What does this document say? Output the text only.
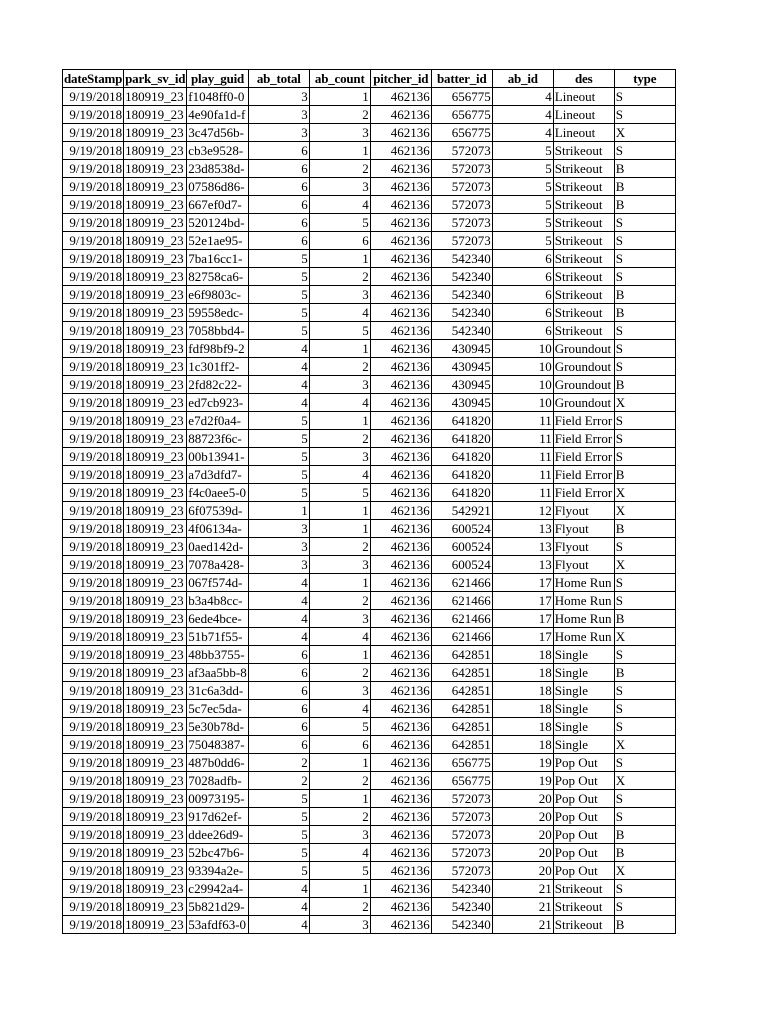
dateStamp	park_sv_id	play_guid	ab_total	ab_count	pitcher_id	batter_id	ab_id	des	type
9/19/2018	180919_23	f1048ff0-0	3	1	462136	656775	4	Lineout	S
9/19/2018	180919_23	4e90fa1d-f	3	2	462136	656775	4	Lineout	S
9/19/2018	180919_23	3c47d56b-	3	3	462136	656775	4	Lineout	X
9/19/2018	180919_23	cb3e9528-	6	1	462136	572073	5	Strikeout	S
9/19/2018	180919_23	23d8538d-	6	2	462136	572073	5	Strikeout	B
9/19/2018	180919_23	07586d86-	6	3	462136	572073	5	Strikeout	B
9/19/2018	180919_23	667ef0d7-	6	4	462136	572073	5	Strikeout	B
9/19/2018	180919_23	520124bd-	6	5	462136	572073	5	Strikeout	S
9/19/2018	180919_23	52e1ae95-	6	6	462136	572073	5	Strikeout	S
9/19/2018	180919_23	7ba16cc1-	5	1	462136	542340	6	Strikeout	S
9/19/2018	180919_23	82758ca6-	5	2	462136	542340	6	Strikeout	S
9/19/2018	180919_23	e6f9803c-	5	3	462136	542340	6	Strikeout	B
9/19/2018	180919_23	59558edc-	5	4	462136	542340	6	Strikeout	B
9/19/2018	180919_23	7058bbd4-	5	5	462136	542340	6	Strikeout	S
9/19/2018	180919_23	fdf98bf9-2	4	1	462136	430945	10	Groundout	S
9/19/2018	180919_23	1c301ff2-	4	2	462136	430945	10	Groundout	S
9/19/2018	180919_23	2fd82c22-	4	3	462136	430945	10	Groundout	B
9/19/2018	180919_23	ed7cb923-	4	4	462136	430945	10	Groundout	X
9/19/2018	180919_23	e7d2f0a4-	5	1	462136	641820	11	Field Error	S
9/19/2018	180919_23	88723f6c-	5	2	462136	641820	11	Field Error	S
9/19/2018	180919_23	00b13941-	5	3	462136	641820	11	Field Error	S
9/19/2018	180919_23	a7d3dfd7-	5	4	462136	641820	11	Field Error	B
9/19/2018	180919_23	f4c0aee5-0	5	5	462136	641820	11	Field Error	X
9/19/2018	180919_23	6f07539d-	1	1	462136	542921	12	Flyout	X
9/19/2018	180919_23	4f06134a-	3	1	462136	600524	13	Flyout	B
9/19/2018	180919_23	0aed142d-	3	2	462136	600524	13	Flyout	S
9/19/2018	180919_23	7078a428-	3	3	462136	600524	13	Flyout	X
9/19/2018	180919_23	067f574d-	4	1	462136	621466	17	Home Run	S
9/19/2018	180919_23	b3a4b8cc-	4	2	462136	621466	17	Home Run	S
9/19/2018	180919_23	6ede4bce-	4	3	462136	621466	17	Home Run	B
9/19/2018	180919_23	51b71f55-	4	4	462136	621466	17	Home Run	X
9/19/2018	180919_23	48bb3755-	6	1	462136	642851	18	Single	S
9/19/2018	180919_23	af3aa5bb-8	6	2	462136	642851	18	Single	B
9/19/2018	180919_23	31c6a3dd-	6	3	462136	642851	18	Single	S
9/19/2018	180919_23	5c7ec5da-	6	4	462136	642851	18	Single	S
9/19/2018	180919_23	5e30b78d-	6	5	462136	642851	18	Single	S
9/19/2018	180919_23	75048387-	6	6	462136	642851	18	Single	X
9/19/2018	180919_23	487b0dd6-	2	1	462136	656775	19	Pop Out	S
9/19/2018	180919_23	7028adfb-	2	2	462136	656775	19	Pop Out	X
9/19/2018	180919_23	00973195-	5	1	462136	572073	20	Pop Out	S
9/19/2018	180919_23	917d62ef-	5	2	462136	572073	20	Pop Out	S
9/19/2018	180919_23	ddee26d9-	5	3	462136	572073	20	Pop Out	B
9/19/2018	180919_23	52bc47b6-	5	4	462136	572073	20	Pop Out	B
9/19/2018	180919_23	93394a2e-	5	5	462136	572073	20	Pop Out	X
9/19/2018	180919_23	c29942a4-	4	1	462136	542340	21	Strikeout	S
9/19/2018	180919_23	5b821d29-	4	2	462136	542340	21	Strikeout	S
9/19/2018	180919_23	53afdf63-0	4	3	462136	542340	21	Strikeout	B
